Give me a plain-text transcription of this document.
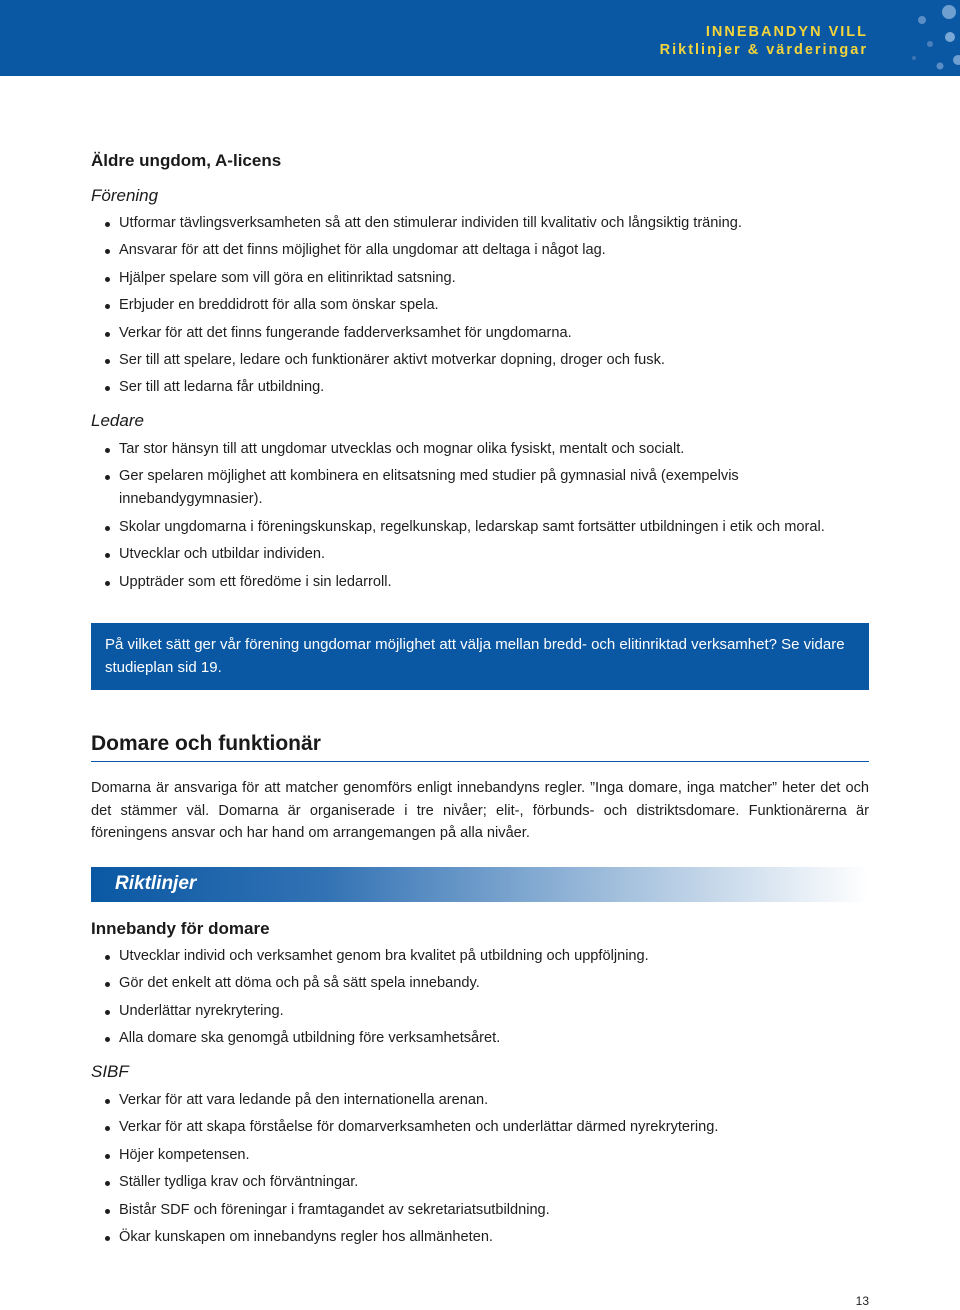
INNEBANDYN VILL
Riktlinjer & värderingar
Äldre ungdom, A-licens
Förening
Utformar tävlingsverksamheten så att den stimulerar individen till kvalitativ och långsiktig träning.
Ansvarar för att det finns möjlighet för alla ungdomar att deltaga i något lag.
Hjälper spelare som vill göra en elitinriktad satsning.
Erbjuder en breddidrott för alla som önskar spela.
Verkar för att det finns fungerande fadderverksamhet för ungdomarna.
Ser till att spelare, ledare och funktionärer aktivt motverkar dopning, droger och fusk.
Ser till att ledarna får utbildning.
Ledare
Tar stor hänsyn till att ungdomar utvecklas och mognar olika fysiskt, mentalt och socialt.
Ger spelaren möjlighet att kombinera en elitsatsning med studier på gymnasial nivå (exempelvis innebandygymnasier).
Skolar ungdomarna i föreningskunskap, regelkunskap, ledarskap samt fortsätter utbildningen i etik och moral.
Utvecklar och utbildar individen.
Uppträder som ett föredöme i sin ledarroll.
På vilket sätt ger vår förening ungdomar möjlighet att välja mellan bredd- och elitinriktad verksamhet? Se vidare studieplan sid 19.
Domare och funktionär
Domarna är ansvariga för att matcher genomförs enligt innebandyns regler. ”Inga domare, inga matcher” heter det och det stämmer väl. Domarna är organiserade i tre nivåer; elit-, förbunds- och distriktsdomare. Funktionärerna är föreningens ansvar och har hand om arrangemangen på alla nivåer.
Riktlinjer
Innebandy för domare
Utvecklar individ och verksamhet genom bra kvalitet på utbildning och uppföljning.
Gör det enkelt att döma och på så sätt spela innebandy.
Underlättar nyrekrytering.
Alla domare ska genomgå utbildning före verksamhetsåret.
SIBF
Verkar för att vara ledande på den internationella arenan.
Verkar för att skapa förståelse för domarverksamheten och underlättar därmed nyrekrytering.
Höjer kompetensen.
Ställer tydliga krav och förväntningar.
Bistår SDF och föreningar i framtagandet av sekretariatsutbildning.
Ökar kunskapen om innebandyns regler hos allmänheten.
13
